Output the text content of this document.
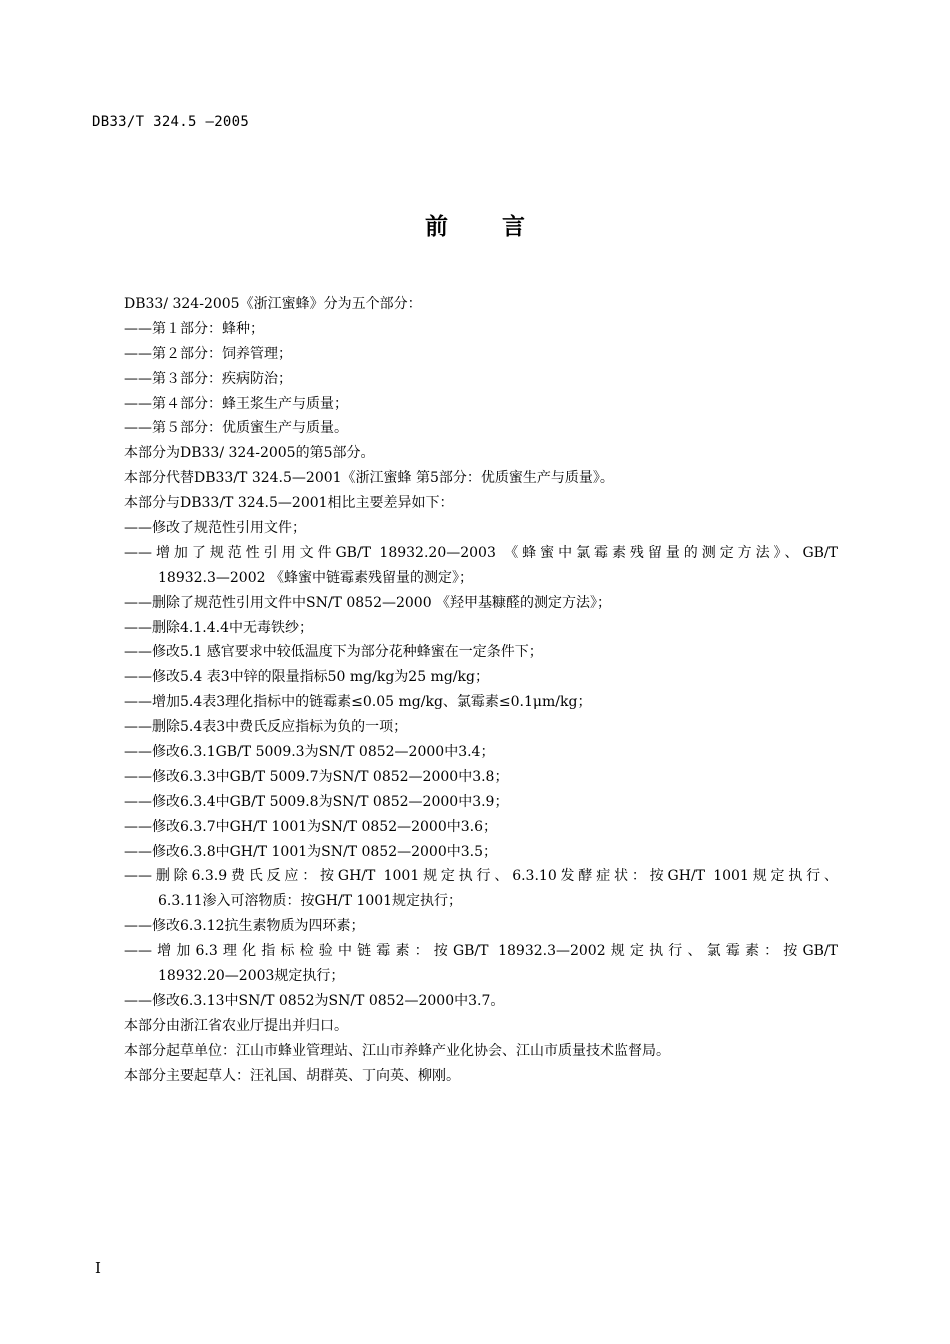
DB33/T 324.5 —2005
前言
DB33/ 324-2005《浙江蜜蜂》分为五个部分：
——第１部分：蜂种；
——第２部分：饲养管理；
——第３部分：疾病防治；
——第４部分：蜂王浆生产与质量；
——第５部分：优质蜜生产与质量。
本部分为DB33/ 324-2005的第5部分。
本部分代替DB33/T 324.5—2001《浙江蜜蜂 第5部分：优质蜜生产与质量》。
本部分与DB33/T 324.5—2001相比主要差异如下：
——修改了规范性引用文件；
——增加了规范性引用文件GB/T 18932.20—2003 《蜂蜜中氯霉素残留量的测定方法》、GB/T
18932.3—2002 《蜂蜜中链霉素残留量的测定》；
——删除了规范性引用文件中SN/T 0852—2000 《羟甲基糠醛的测定方法》；
——删除4.1.4.4中无毒铁纱；
——修改5.1 感官要求中较低温度下为部分花种蜂蜜在一定条件下；
——修改5.4 表3中锌的限量指标50 mg/kg为25 mg/kg；
——增加5.4表3理化指标中的链霉素≤0.05 mg/kg、氯霉素≤0.1μm/kg；
——删除5.4表3中费氏反应指标为负的一项；
——修改6.3.1GB/T 5009.3为SN/T 0852—2000中3.4；
——修改6.3.3中GB/T 5009.7为SN/T 0852—2000中3.8；
——修改6.3.4中GB/T 5009.8为SN/T 0852—2000中3.9；
——修改6.3.7中GH/T 1001为SN/T 0852—2000中3.6；
——修改6.3.8中GH/T 1001为SN/T 0852—2000中3.5；
——删除6.3.9费氏反应：按GH/T 1001规定执行、6.3.10发酵症状：按GH/T 1001规定执行、
6.3.11渗入可溶物质：按GH/T 1001规定执行；
——修改6.3.12抗生素物质为四环素；
——增加6.3理化指标检验中链霉素：按GB/T 18932.3—2002规定执行、氯霉素：按GB/T
18932.20—2003规定执行；
——修改6.3.13中SN/T 0852为SN/T 0852—2000中3.7。
本部分由浙江省农业厅提出并归口。
本部分起草单位：江山市蜂业管理站、江山市养蜂产业化协会、江山市质量技术监督局。
本部分主要起草人：汪礼国、胡群英、丁向英、柳刚。
I
